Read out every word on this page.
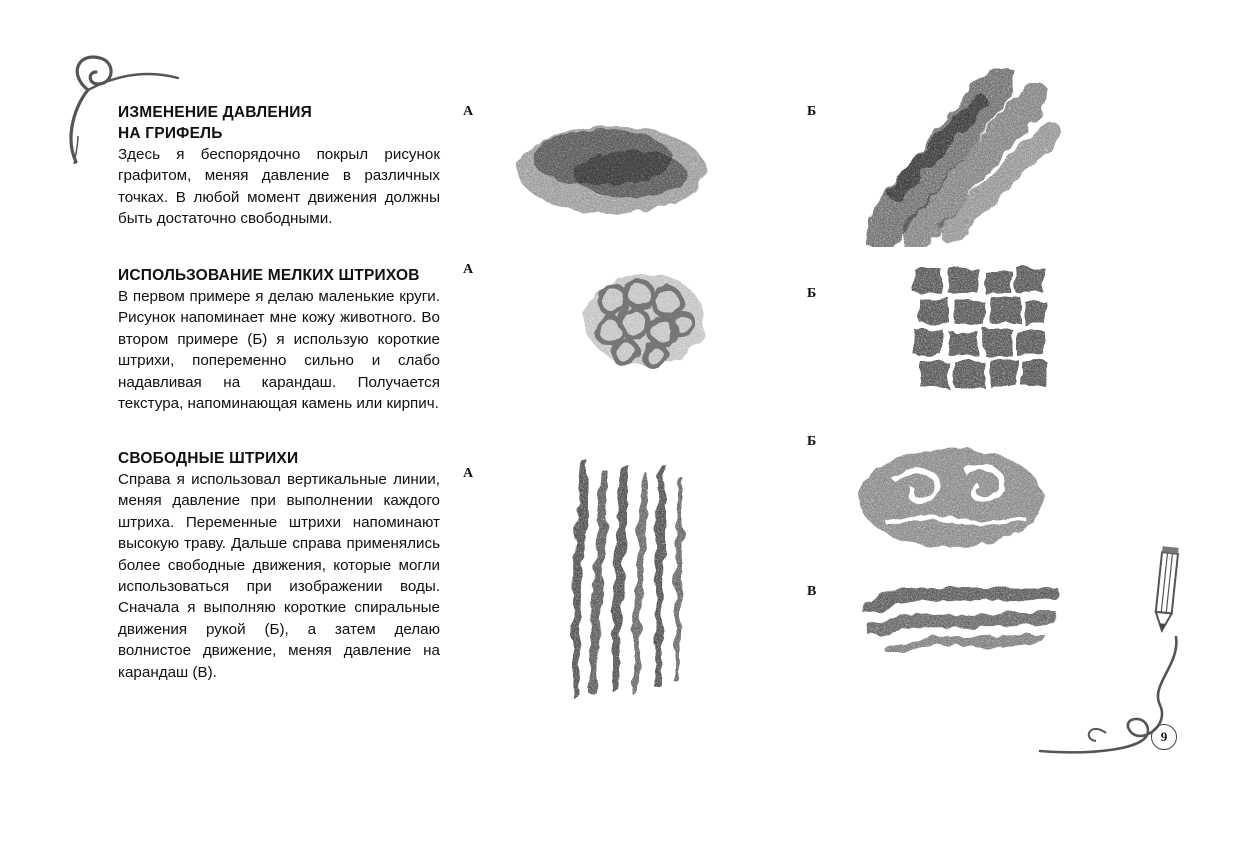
ИЗМЕНЕНИЕ ДАВЛЕНИЯ
НА ГРИФЕЛЬ
Здесь я беспорядочно покрыл рисунок графитом, меняя давление в различных точках. В любой момент движения должны быть достаточно свободными.
ИСПОЛЬЗОВАНИЕ МЕЛКИХ ШТРИХОВ
В первом примере я делаю маленькие круги. Рисунок напоминает мне кожу животного. Во втором примере (Б) я использую короткие штрихи, попеременно сильно и слабо надавливая на карандаш. Получается текстура, напоминающая камень или кирпич.
СВОБОДНЫЕ ШТРИХИ
Справа я использовал вертикальные линии, меняя давление при выполнении каждого штриха. Переменные штрихи напоминают высокую траву. Дальше справа применялись более свободные движения, которые могли использоваться при изображении воды. Сначала я выполняю короткие спиральные движения рукой (Б), а затем делаю волнистое движение, меняя давление на карандаш (В).
А	Б
А
Б
А
Б
В
9
